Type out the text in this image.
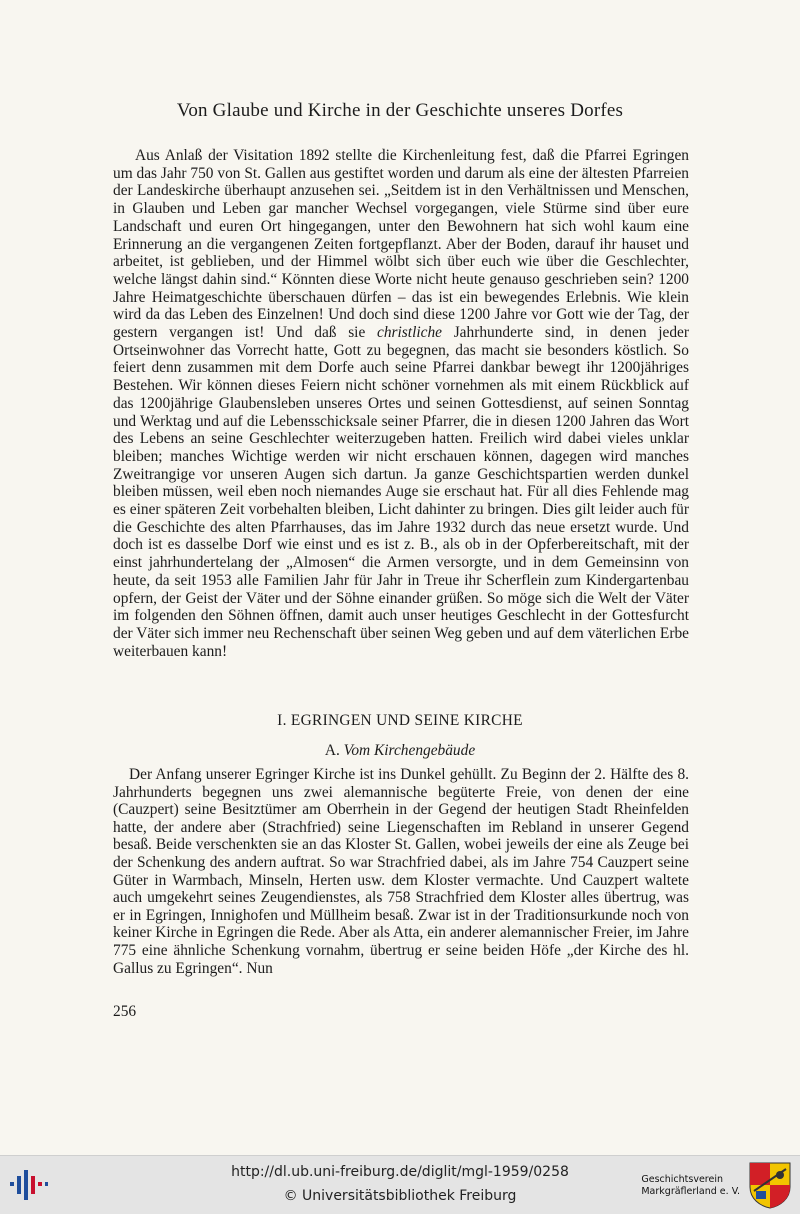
Von Glaube und Kirche in der Geschichte unseres Dorfes

Aus Anlaß der Visitation 1892 stellte die Kirchenleitung fest, daß die Pfarrei Egringen um das Jahr 750 von St. Gallen aus gestiftet worden und darum als eine der ältesten Pfarreien der Landeskirche überhaupt anzusehen sei. „Seitdem ist in den Verhältnissen und Menschen, in Glauben und Leben gar mancher Wechsel vorgegangen, viele Stürme sind über eure Landschaft und euren Ort hingegangen, unter den Bewohnern hat sich wohl kaum eine Erinnerung an die vergangenen Zeiten fortgepflanzt. Aber der Boden, darauf ihr hauset und arbeitet, ist geblieben, und der Himmel wölbt sich über euch wie über die Geschlechter, welche längst dahin sind.“ Könnten diese Worte nicht heute genauso geschrieben sein? 1200 Jahre Heimatgeschichte überschauen dürfen – das ist ein bewegendes Erlebnis. Wie klein wird da das Leben des Einzelnen! Und doch sind diese 1200 Jahre vor Gott wie der Tag, der gestern vergangen ist! Und daß sie christliche Jahrhunderte sind, in denen jeder Ortseinwohner das Vorrecht hatte, Gott zu begegnen, das macht sie besonders köstlich. So feiert denn zusammen mit dem Dorfe auch seine Pfarrei dankbar bewegt ihr 1200jähriges Bestehen. Wir können dieses Feiern nicht schöner vornehmen als mit einem Rückblick auf das 1200jährige Glaubensleben unseres Ortes und seinen Gottesdienst, auf seinen Sonntag und Werktag und auf die Lebensschicksale seiner Pfarrer, die in diesen 1200 Jahren das Wort des Lebens an seine Geschlechter weiterzugeben hatten. Freilich wird dabei vieles unklar bleiben; manches Wichtige werden wir nicht erschauen können, dagegen wird manches Zweitrangige vor unseren Augen sich dartun. Ja ganze Geschichtspartien werden dunkel bleiben müssen, weil eben noch niemandes Auge sie erschaut hat. Für all dies Fehlende mag es einer späteren Zeit vorbehalten bleiben, Licht dahinter zu bringen. Dies gilt leider auch für die Geschichte des alten Pfarrhauses, das im Jahre 1932 durch das neue ersetzt wurde. Und doch ist es dasselbe Dorf wie einst und es ist z. B., als ob in der Opferbereitschaft, mit der einst jahrhundertelang der „Almosen“ die Armen versorgte, und in dem Gemeinsinn von heute, da seit 1953 alle Familien Jahr für Jahr in Treue ihr Scherflein zum Kindergartenbau opfern, der Geist der Väter und der Söhne einander grüßen. So möge sich die Welt der Väter im folgenden den Söhnen öffnen, damit auch unser heutiges Geschlecht in der Gottesfurcht der Väter sich immer neu Rechenschaft über seinen Weg geben und auf dem väterlichen Erbe weiterbauen kann!

I. EGRINGEN UND SEINE KIRCHE
A. Vom Kirchengebäude

Der Anfang unserer Egringer Kirche ist ins Dunkel gehüllt. Zu Beginn der 2. Hälfte des 8. Jahrhunderts begegnen uns zwei alemannische begüterte Freie, von denen der eine (Cauzpert) seine Besitztümer am Oberrhein in der Gegend der heutigen Stadt Rheinfelden hatte, der andere aber (Strachfried) seine Liegenschaften im Rebland in unserer Gegend besaß. Beide verschenkten sie an das Kloster St. Gallen, wobei jeweils der eine als Zeuge bei der Schenkung des andern auftrat. So war Strachfried dabei, als im Jahre 754 Cauzpert seine Güter in Warmbach, Minseln, Herten usw. dem Kloster vermachte. Und Cauzpert waltete auch umgekehrt seines Zeugendienstes, als 758 Strachfried dem Kloster alles übertrug, was er in Egringen, Innighofen und Müllheim besaß. Zwar ist in der Traditionsurkunde noch von keiner Kirche in Egringen die Rede. Aber als Atta, ein anderer alemannischer Freier, im Jahre 775 eine ähnliche Schenkung vornahm, übertrug er seine beiden Höfe „der Kirche des hl. Gallus zu Egringen“. Nun

256
http://dl.ub.uni-freiburg.de/diglit/mgl-1959/0258
© Universitätsbibliothek Freiburg
Geschichtsverein
Markgräflerland e. V.
